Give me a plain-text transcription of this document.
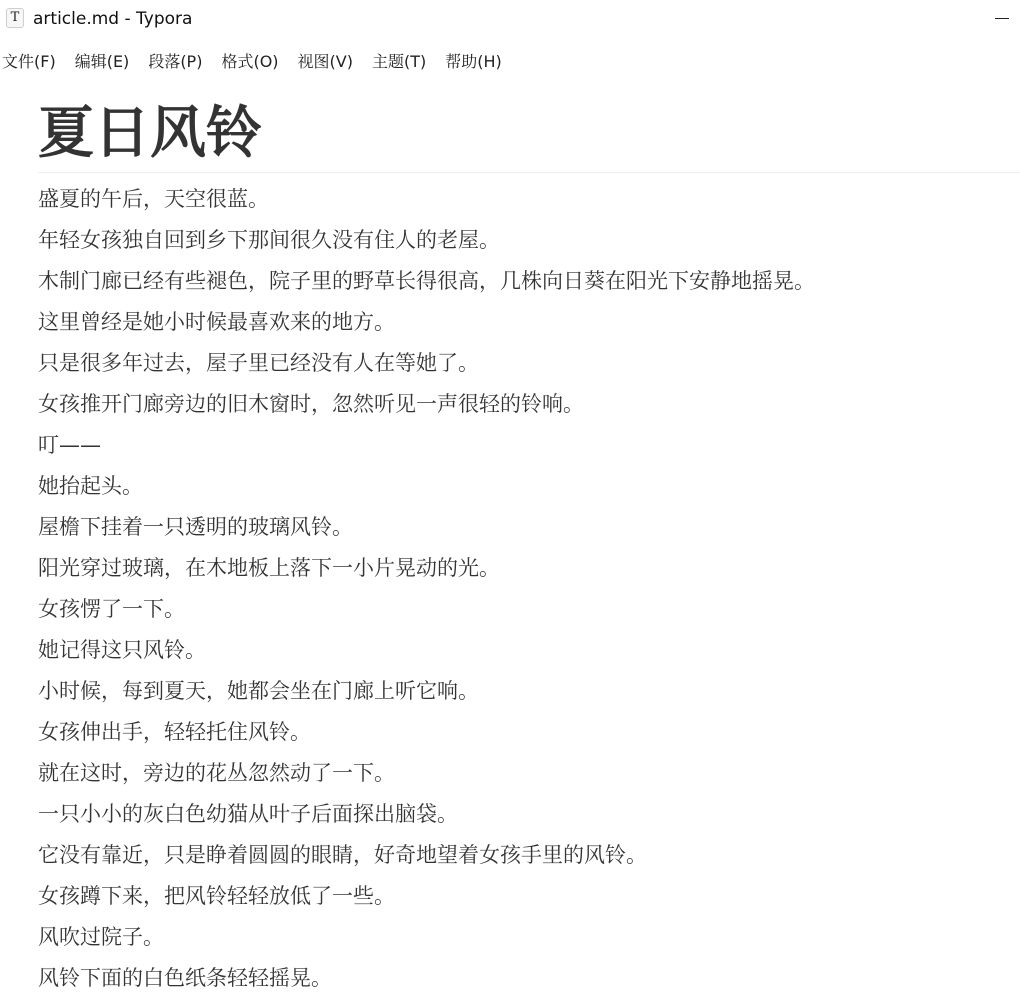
T article.md - Typora
文件(F) 编辑(E) 段落(P) 格式(O) 视图(V) 主题(T) 帮助(H)
夏日风铃
盛夏的午后，天空很蓝。
年轻女孩独自回到乡下那间很久没有住人的老屋。
木制门廊已经有些褪色，院子里的野草长得很高，几株向日葵在阳光下安静地摇晃。
这里曾经是她小时候最喜欢来的地方。
只是很多年过去，屋子里已经没有人在等她了。
女孩推开门廊旁边的旧木窗时，忽然听见一声很轻的铃响。
叮——
她抬起头。
屋檐下挂着一只透明的玻璃风铃。
阳光穿过玻璃，在木地板上落下一小片晃动的光。
女孩愣了一下。
她记得这只风铃。
小时候，每到夏天，她都会坐在门廊上听它响。
女孩伸出手，轻轻托住风铃。
就在这时，旁边的花丛忽然动了一下。
一只小小的灰白色幼猫从叶子后面探出脑袋。
它没有靠近，只是睁着圆圆的眼睛，好奇地望着女孩手里的风铃。
女孩蹲下来，把风铃轻轻放低了一些。
风吹过院子。
风铃下面的白色纸条轻轻摇晃。
